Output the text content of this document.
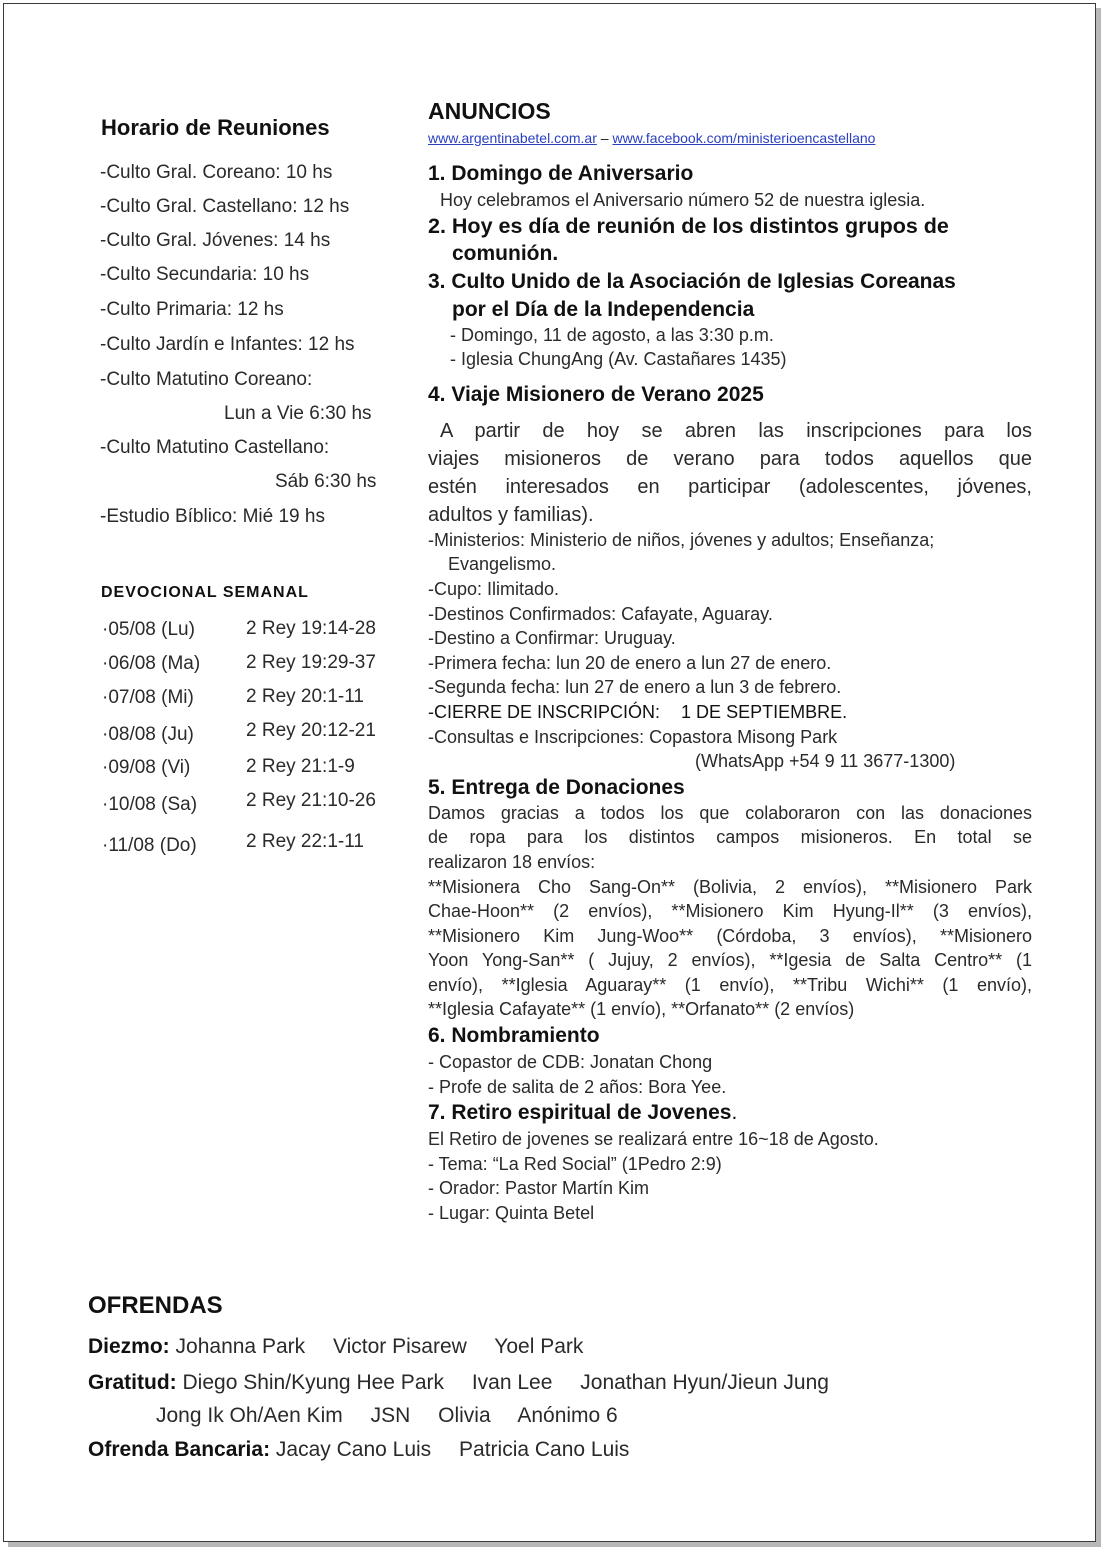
Horario de Reuniones
-Culto Gral. Coreano: 10 hs
-Culto Gral. Castellano: 12 hs
-Culto Gral. Jóvenes: 14 hs
-Culto Secundaria: 10 hs
-Culto Primaria: 12 hs
-Culto Jardín e Infantes: 12 hs
-Culto Matutino Coreano:
Lun a Vie 6:30 hs
-Culto Matutino Castellano:
Sáb 6:30 hs
-Estudio Bíblico: Mié 19 hs
DEVOCIONAL SEMANAL
·05/08 (Lu)	2 Rey 19:14-28
·06/08 (Ma) 2 Rey 19:29-37
·07/08 (Mi)	2 Rey 20:1-11
·08/08 (Ju)	2 Rey 20:12-21
·09/08 (Vi)	2 Rey 21:1-9
·10/08 (Sa)	2 Rey 21:10-26
·11/08 (Do)	2 Rey 22:1-11
ANUNCIOS
www.argentinabetel.com.ar – www.facebook.com/ministerioencastellano
1. Domingo de Aniversario
Hoy celebramos el Aniversario número 52 de nuestra iglesia.
2. Hoy es día de reunión de los distintos grupos de
comunión.
3. Culto Unido de la Asociación de Iglesias Coreanas
por el Día de la Independencia
- Domingo, 11 de agosto, a las 3:30 p.m.
- Iglesia ChungAng (Av. Castañares 1435)
4. Viaje Misionero de Verano 2025
A partir de hoy se abren las inscripciones para los
viajes misioneros de verano para todos aquellos que
estén interesados en participar (adolescentes, jóvenes,
adultos y familias).
-Ministerios: Ministerio de niños, jóvenes y adultos; Enseñanza;
Evangelismo.
-Cupo: Ilimitado.
-Destinos Confirmados: Cafayate, Aguaray.
-Destino a Confirmar: Uruguay.
-Primera fecha: lun 20 de enero a lun 27 de enero.
-Segunda fecha: lun 27 de enero a lun 3 de febrero.
-CIERRE DE INSCRIPCIÓN: 1 DE SEPTIEMBRE.
-Consultas e Inscripciones: Copastora Misong Park
(WhatsApp +54 9 11 3677-1300)
5. Entrega de Donaciones
Damos gracias a todos los que colaboraron con las donaciones
de ropa para los distintos campos misioneros. En total se
realizaron 18 envíos:
**Misionera Cho Sang-On** (Bolivia, 2 envíos), **Misionero Park
Chae-Hoon** (2 envíos), **Misionero Kim Hyung-Il** (3 envíos),
**Misionero Kim Jung-Woo** (Córdoba, 3 envíos), **Misionero
Yoon Yong-San** ( Jujuy, 2 envíos), **Igesia de Salta Centro** (1
envío), **Iglesia Aguaray** (1 envío), **Tribu Wichi** (1 envío),
**Iglesia Cafayate** (1 envío), **Orfanato** (2 envíos)
6. Nombramiento
- Copastor de CDB: Jonatan Chong
- Profe de salita de 2 años: Bora Yee.
7. Retiro espiritual de Jovenes.
El Retiro de jovenes se realizará entre 16~18 de Agosto.
- Tema: “La Red Social” (1Pedro 2:9)
- Orador: Pastor Martín Kim
- Lugar: Quinta Betel
OFRENDAS
Diezmo: Johanna Park Victor Pisarew Yoel Park
Gratitud: Diego Shin/Kyung Hee Park Ivan Lee Jonathan Hyun/Jieun Jung
Jong Ik Oh/Aen Kim JSN Olivia Anónimo 6
Ofrenda Bancaria: Jacay Cano Luis Patricia Cano Luis
